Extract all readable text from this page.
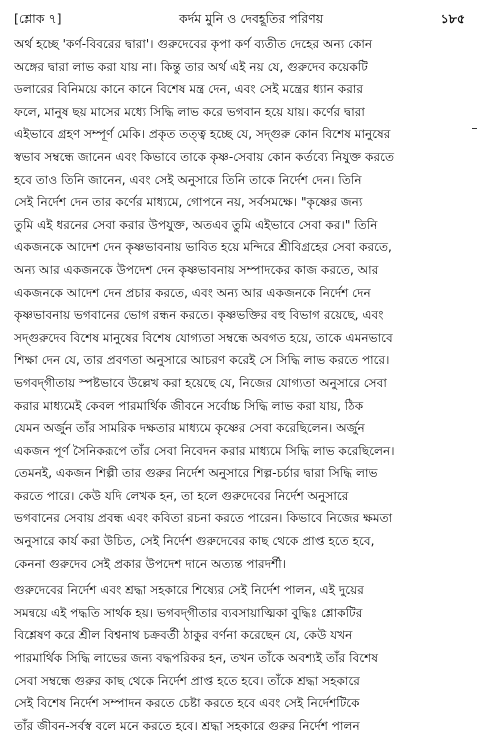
[শ্লোক ৭]	কর্দম মুনি ও দেবহূতির পরিণয়	১৮৫

অর্থ হচ্ছে 'কর্ণ-বিবরের দ্বারা'। গুরুদেবের কৃপা কর্ণ ব্যতীত দেহের অন্য কোন

অঙ্গের দ্বারা লাভ করা যায় না। কিন্তু তার অর্থ এই নয় যে, গুরুদেব কয়েকটি

ডলারের বিনিময়ে কানে কানে বিশেষ মন্ত্র দেন, এবং সেই মন্ত্রের ধ্যান করার

ফলে, মানুষ ছয় মাসের মধ্যে সিদ্ধি লাভ করে ভগবান হয়ে যায়। কর্ণের দ্বারা

এইভাবে গ্রহণ সম্পূর্ণ মেকি। প্রকৃত তত্ত্ব হচ্ছে যে, সদ্‌গুরু কোন বিশেষ মানুষের

স্বভাব সম্বন্ধে জানেন এবং কিভাবে তাকে কৃষ্ণ-সেবায় কোন কর্তব্যে নিযুক্ত করতে

হবে তাও তিনি জানেন, এবং সেই অনুসারে তিনি তাকে নির্দেশ দেন। তিনি

সেই নির্দেশ দেন তার কর্ণের মাধ্যমে, গোপনে নয়, সর্বসমক্ষে। "কৃষ্ণের জন্য

তুমি এই ধরনের সেবা করার উপযুক্ত, অতএব তুমি এইভাবে সেবা কর।" তিনি

একজনকে আদেশ দেন কৃষ্ণভাবনায় ভাবিত হয়ে মন্দিরে শ্রীবিগ্রহের সেবা করতে,

অন্য আর একজনকে উপদেশ দেন কৃষ্ণভাবনায় সম্পাদকের কাজ করতে, আর

একজনকে আদেশ দেন প্রচার করতে, এবং অন্য আর একজনকে নির্দেশ দেন

কৃষ্ণভাবনায় ভগবানের ভোগ রন্ধন করতে। কৃষ্ণভক্তির বহু বিভাগ রয়েছে, এবং

সদ্‌গুরুদেব বিশেষ মানুষের বিশেষ যোগ্যতা সম্বন্ধে অবগত হয়ে, তাকে এমনভাবে

শিক্ষা দেন যে, তার প্রবণতা অনুসারে আচরণ করেই সে সিদ্ধি লাভ করতে পারে।

ভগবদ্‌গীতায় স্পষ্টভাবে উল্লেখ করা হয়েছে যে, নিজের যোগ্যতা অনুসারে সেবা

করার মাধ্যমেই কেবল পারমার্থিক জীবনে সর্বোচ্চ সিদ্ধি লাভ করা যায়, ঠিক

যেমন অর্জুন তাঁর সামরিক দক্ষতার মাধ্যমে কৃষ্ণের সেবা করেছিলেন। অর্জুন

একজন পূর্ণ সৈনিকরূপে তাঁর সেবা নিবেদন করার মাধ্যমে সিদ্ধি লাভ করেছিলেন।

তেমনই, একজন শিল্পী তার গুরুর নির্দেশ অনুসারে শিল্প-চর্চার দ্বারা সিদ্ধি লাভ

করতে পারে। কেউ যদি লেখক হন, তা হলে গুরুদেবের নির্দেশ অনুসারে

ভগবানের সেবায় প্রবন্ধ এবং কবিতা রচনা করতে পারেন। কিভাবে নিজের ক্ষমতা

অনুসারে কার্য করা উচিত, সেই নির্দেশ গুরুদেবের কাছ থেকে প্রাপ্ত হতে হবে,

কেননা গুরুদেব সেই প্রকার উপদেশ দানে অত্যন্ত পারদর্শী।

গুরুদেবের নির্দেশ এবং শ্রদ্ধা সহকারে শিষ্যের সেই নির্দেশ পালন, এই দুয়ের

সমন্বয়ে এই পদ্ধতি সার্থক হয়। ভগবদ্‌গীতার ব্যবসায়াত্মিকা বুদ্ধিঃ শ্লোকটির

বিশ্লেষণ করে শ্রীল বিশ্বনাথ চক্রবর্তী ঠাকুর বর্ণনা করেছেন যে, কেউ যখন

পারমার্থিক সিদ্ধি লাভের জন্য বদ্ধপরিকর হন, তখন তাঁকে অবশ্যই তাঁর বিশেষ

সেবা সম্বন্ধে গুরুর কাছ থেকে নির্দেশ প্রাপ্ত হতে হবে। তাঁকে শ্রদ্ধা সহকারে

সেই বিশেষ নির্দেশ সম্পাদন করতে চেষ্টা করতে হবে এবং সেই নির্দেশটিকে

তাঁর জীবন-সর্বস্ব বলে মনে করতে হবে। শ্রদ্ধা সহকারে গুরুর নির্দেশ পালন
